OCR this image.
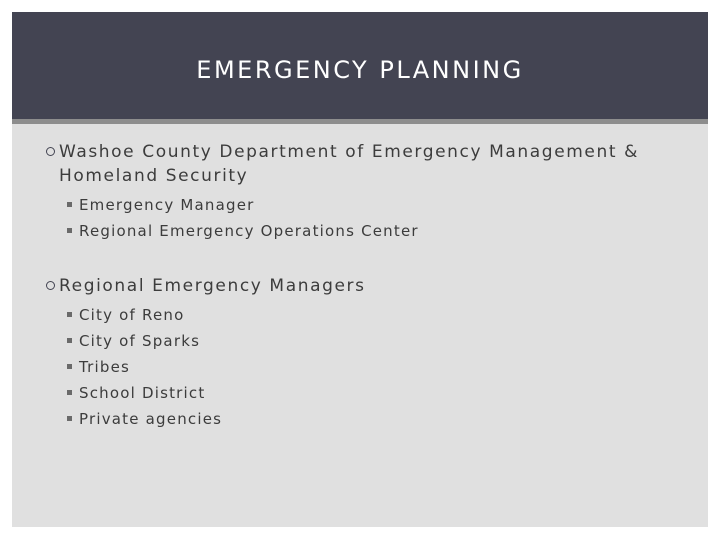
EMERGENCY PLANNING
Washoe County Department of Emergency Management & Homeland Security
Emergency Manager
Regional Emergency Operations Center
Regional Emergency Managers
City of Reno
City of Sparks
Tribes
School District
Private agencies
